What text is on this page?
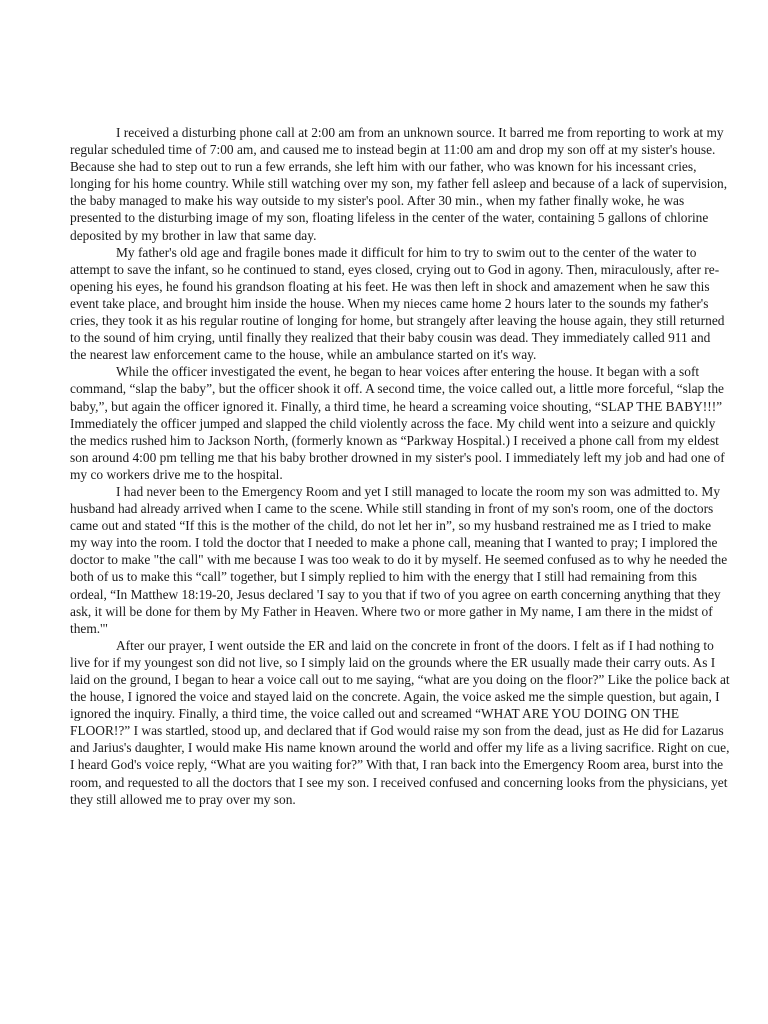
I received a disturbing phone call at 2:00 am from an unknown source. It barred me from reporting to work at my regular scheduled time of 7:00 am, and caused me to instead begin at 11:00 am and drop my son off at my sister's house. Because she had to step out to run a few errands, she left him with our father, who was known for his incessant cries, longing for his home country. While still watching over my son, my father fell asleep and because of a lack of supervision, the baby managed to make his way outside to my sister's pool. After 30 min., when my father finally woke, he was presented to the disturbing image of my son, floating lifeless in the center of the water, containing 5 gallons of chlorine deposited by my brother in law that same day.

My father's old age and fragile bones made it difficult for him to try to swim out to the center of the water to attempt to save the infant, so he continued to stand, eyes closed, crying out to God in agony. Then, miraculously, after re-opening his eyes, he found his grandson floating at his feet. He was then left in shock and amazement when he saw this event take place, and brought him inside the house. When my nieces came home 2 hours later to the sounds my father's cries, they took it as his regular routine of longing for home, but strangely after leaving the house again, they still returned to the sound of him crying, until finally they realized that their baby cousin was dead. They immediately called 911 and the nearest law enforcement came to the house, while an ambulance started on it's way.

While the officer investigated the event, he began to hear voices after entering the house. It began with a soft command, “slap the baby”, but the officer shook it off. A second time, the voice called out, a little more forceful, “slap the baby,”, but again the officer ignored it. Finally, a third time, he heard a screaming voice shouting, “SLAP THE BABY!!!” Immediately the officer jumped and slapped the child violently across the face. My child went into a seizure and quickly the medics rushed him to Jackson North, (formerly known as “Parkway Hospital.) I received a phone call from my eldest son around 4:00 pm telling me that his baby brother drowned in my sister's pool. I immediately left my job and had one of my co workers drive me to the hospital.

I had never been to the Emergency Room and yet I still managed to locate the room my son was admitted to. My husband had already arrived when I came to the scene. While still standing in front of my son's room, one of the doctors came out and stated “If this is the mother of the child, do not let her in”, so my husband restrained me as I tried to make my way into the room. I told the doctor that I needed to make a phone call, meaning that I wanted to pray; I implored the doctor to make "the call" with me because I was too weak to do it by myself. He seemed confused as to why he needed the both of us to make this “call” together, but I simply replied to him with the energy that I still had remaining from this ordeal, “In Matthew 18:19-20, Jesus declared 'I say to you that if two of you agree on earth concerning anything that they ask, it will be done for them by My Father in Heaven. Where two or more gather in My name, I am there in the midst of them.'"

After our prayer, I went outside the ER and laid on the concrete in front of the doors. I felt as if I had nothing to live for if my youngest son did not live, so I simply laid on the grounds where the ER usually made their carry outs. As I laid on the ground, I began to hear a voice call out to me saying, “what are you doing on the floor?” Like the police back at the house, I ignored the voice and stayed laid on the concrete. Again, the voice asked me the simple question, but again, I ignored the inquiry. Finally, a third time, the voice called out and screamed “WHAT ARE YOU DOING ON THE FLOOR!?” I was startled, stood up, and declared that if God would raise my son from the dead, just as He did for Lazarus and Jarius's daughter, I would make His name known around the world and offer my life as a living sacrifice. Right on cue, I heard God's voice reply, “What are you waiting for?” With that, I ran back into the Emergency Room area, burst into the room, and requested to all the doctors that I see my son. I received confused and concerning looks from the physicians, yet they still allowed me to pray over my son.
